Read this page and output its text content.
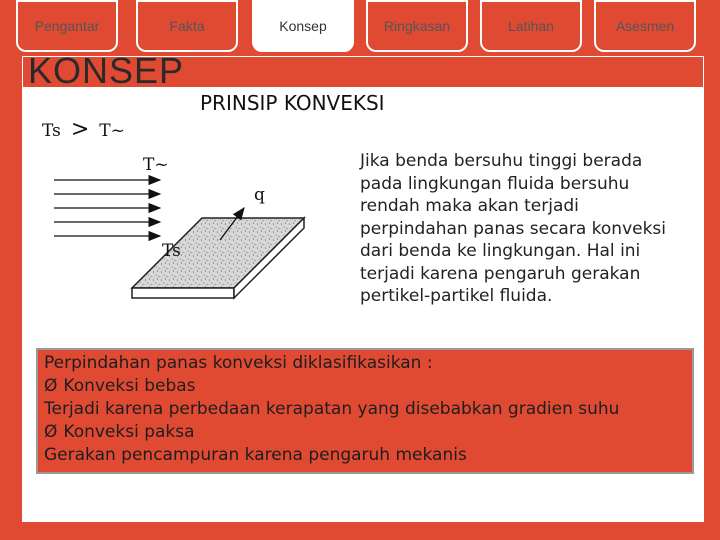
Pengantar	Fakta	Konsep	Ringkasan	Latihan	Asesmen
KONSEP
PRINSIP KONVEKSI
Ts > T~
T~
q
Ts
Jika benda bersuhu tinggi berada
pada lingkungan fluida bersuhu
rendah maka akan terjadi
perpindahan panas secara konveksi
dari benda ke lingkungan. Hal ini
terjadi karena pengaruh gerakan
pertikel-partikel fluida.
Perpindahan panas konveksi diklasifikasikan :
Ø Konveksi bebas
Terjadi karena perbedaan kerapatan yang disebabkan gradien suhu
Ø Konveksi paksa
Gerakan pencampuran karena pengaruh mekanis
